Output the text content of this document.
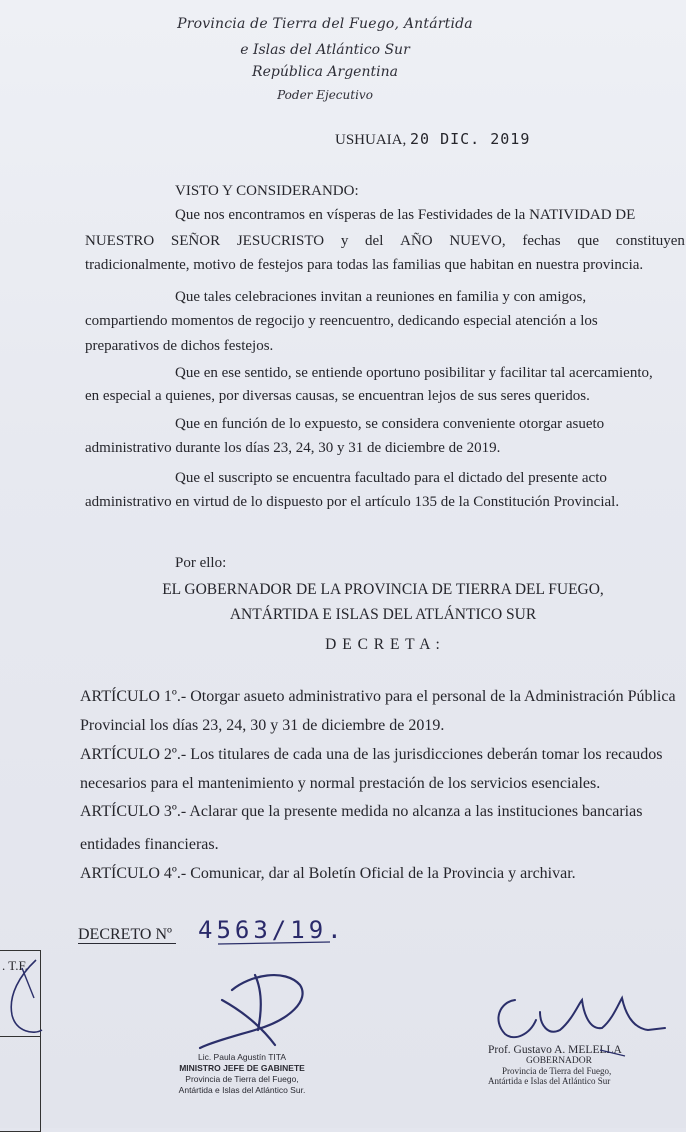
Provincia de Tierra del Fuego, Antártida
e Islas del Atlántico Sur
República Argentina
Poder Ejecutivo
USHUAIA, 20 DIC. 2019
VISTO Y CONSIDERANDO:
Que nos encontramos en vísperas de las Festividades de la NATIVIDAD DE
NUESTRO SEÑOR JESUCRISTO y del AÑO NUEVO, fechas que constituyen
tradicionalmente, motivo de festejos para todas las familias que habitan en nuestra provincia.
Que tales celebraciones invitan a reuniones en familia y con amigos,
compartiendo momentos de regocijo y reencuentro, dedicando especial atención a los
preparativos de dichos festejos.
Que en ese sentido, se entiende oportuno posibilitar y facilitar tal acercamiento,
en especial a quienes, por diversas causas, se encuentran lejos de sus seres queridos.
Que en función de lo expuesto, se considera conveniente otorgar asueto
administrativo durante los días 23, 24, 30 y 31 de diciembre de 2019.
Que el suscripto se encuentra facultado para el dictado del presente acto
administrativo en virtud de lo dispuesto por el artículo 135 de la Constitución Provincial.
Por ello:
EL GOBERNADOR DE LA PROVINCIA DE TIERRA DEL FUEGO,
ANTÁRTIDA E ISLAS DEL ATLÁNTICO SUR
D E C R E T A :
ARTÍCULO 1º.- Otorgar asueto administrativo para el personal de la Administración Pública
Provincial los días 23, 24, 30 y 31 de diciembre de 2019.
ARTÍCULO 2º.- Los titulares de cada una de las jurisdicciones deberán tomar los recaudos
necesarios para el mantenimiento y normal prestación de los servicios esenciales.
ARTÍCULO 3º.- Aclarar que la presente medida no alcanza a las instituciones bancarias
entidades financieras.
ARTÍCULO 4º.- Comunicar, dar al Boletín Oficial de la Provincia y archivar.
DECRETO Nº 4563/19.
. T.F.
Lic. Paula Agustín TITA
MINISTRO JEFE DE GABINETE
Provincia de Tierra del Fuego,
Antártida e Islas del Atlántico Sur.
Prof. Gustavo A. MELELLA
GOBERNADOR
Provincia de Tierra del Fuego,
Antártida e Islas del Atlántico Sur
